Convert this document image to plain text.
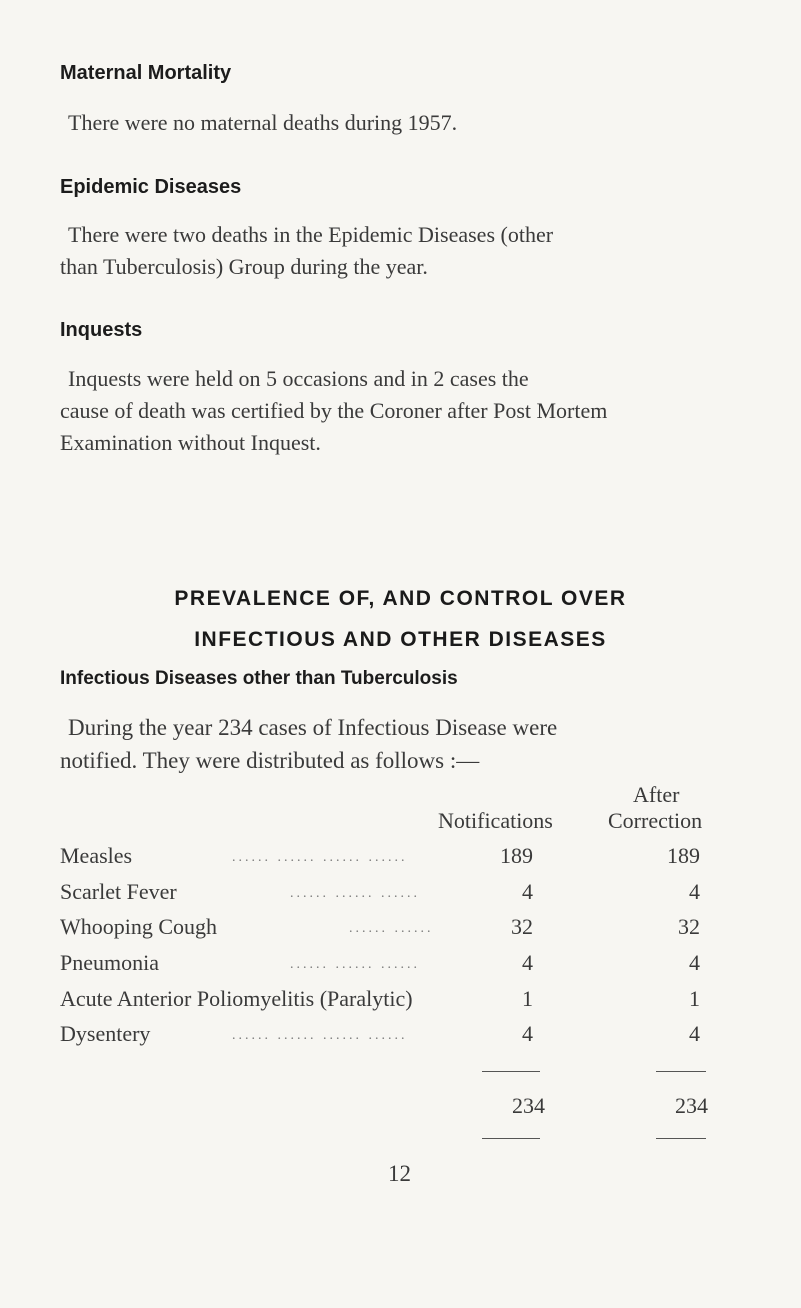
Maternal Mortality

There were no maternal deaths during 1957.

Epidemic Diseases

There were two deaths in the Epidemic Diseases (other

than Tuberculosis) Group during the year.

Inquests

Inquests were held on 5 occasions and in 2 cases the

cause of death was certified by the Coroner after Post Mortem

Examination without Inquest.

PREVALENCE OF, AND CONTROL OVER
INFECTIOUS AND OTHER DISEASES
Infectious Diseases other than Tuberculosis

During the year 234 cases of Infectious Disease were

notified. They were distributed as follows :—

Notifications
After
Correction
Measles	...... ...... ...... ......	189	189
Scarlet Fever	...... ...... ......	4	4
Whooping Cough	...... ......	32	32
Pneumonia	...... ...... ......	4	4
Acute Anterior Poliomyelitis (Paralytic)	1	1
Dysentery	...... ...... ...... ......	4	4
234	234
12
